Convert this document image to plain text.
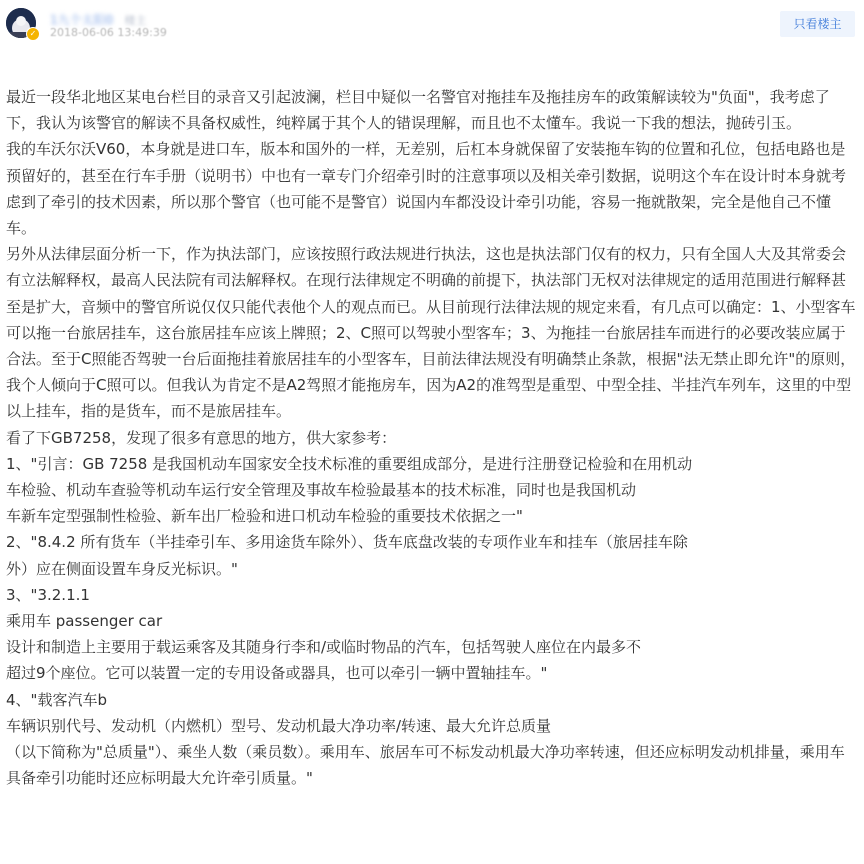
✓
1九个太阳0 楼主
2018-06-06 13:49:39
只看楼主

最近一段华北地区某电台栏目的录音又引起波澜，栏目中疑似一名警官对拖挂车及拖挂房车的政策解读较为"负面"，我考虑了下，我认为该警官的解读不具备权威性，纯粹属于其个人的错误理解，而且也不太懂车。我说一下我的想法，抛砖引玉。

我的车沃尔沃V60，本身就是进口车，版本和国外的一样，无差别，后杠本身就保留了安装拖车钩的位置和孔位，包括电路也是预留好的，甚至在行车手册（说明书）中也有一章专门介绍牵引时的注意事项以及相关牵引数据，说明这个车在设计时本身就考虑到了牵引的技术因素，所以那个警官（也可能不是警官）说国内车都没设计牵引功能，容易一拖就散架，完全是他自己不懂车。

另外从法律层面分析一下，作为执法部门，应该按照行政法规进行执法，这也是执法部门仅有的权力，只有全国人大及其常委会有立法解释权，最高人民法院有司法解释权。在现行法律规定不明确的前提下，执法部门无权对法律规定的适用范围进行解释甚至是扩大，音频中的警官所说仅仅只能代表他个人的观点而已。从目前现行法律法规的规定来看，有几点可以确定：1、小型客车可以拖一台旅居挂车，这台旅居挂车应该上牌照；2、C照可以驾驶小型客车；3、为拖挂一台旅居挂车而进行的必要改装应属于合法。至于C照能否驾驶一台后面拖挂着旅居挂车的小型客车，目前法律法规没有明确禁止条款，根据"法无禁止即允许"的原则，我个人倾向于C照可以。但我认为肯定不是A2驾照才能拖房车，因为A2的准驾型是重型、中型全挂、半挂汽车列车，这里的中型以上挂车，指的是货车，而不是旅居挂车。

看了下GB7258，发现了很多有意思的地方，供大家参考：

1、"引言：GB 7258 是我国机动车国家安全技术标准的重要组成部分，是进行注册登记检验和在用机动

车检验、机动车查验等机动车运行安全管理及事故车检验最基本的技术标准，同时也是我国机动

车新车定型强制性检验、新车出厂检验和进口机动车检验的重要技术依据之一"

2、"8.4.2 所有货车（半挂牵引车、多用途货车除外）、货车底盘改装的专项作业车和挂车（旅居挂车除

外）应在侧面设置车身反光标识。"

3、"3.2.1.1

乘用车 passenger car

设计和制造上主要用于载运乘客及其随身行李和/或临时物品的汽车，包括驾驶人座位在内最多不

超过9个座位。它可以装置一定的专用设备或器具，也可以牵引一辆中置轴挂车。"

4、"载客汽车b

车辆识别代号、发动机（内燃机）型号、发动机最大净功率/转速、最大允许总质量

（以下简称为"总质量"）、乘坐人数（乘员数）。乘用车、旅居车可不标发动机最大净功率转速，但还应标明发动机排量，乘用车具备牵引功能时还应标明最大允许牵引质量。"
